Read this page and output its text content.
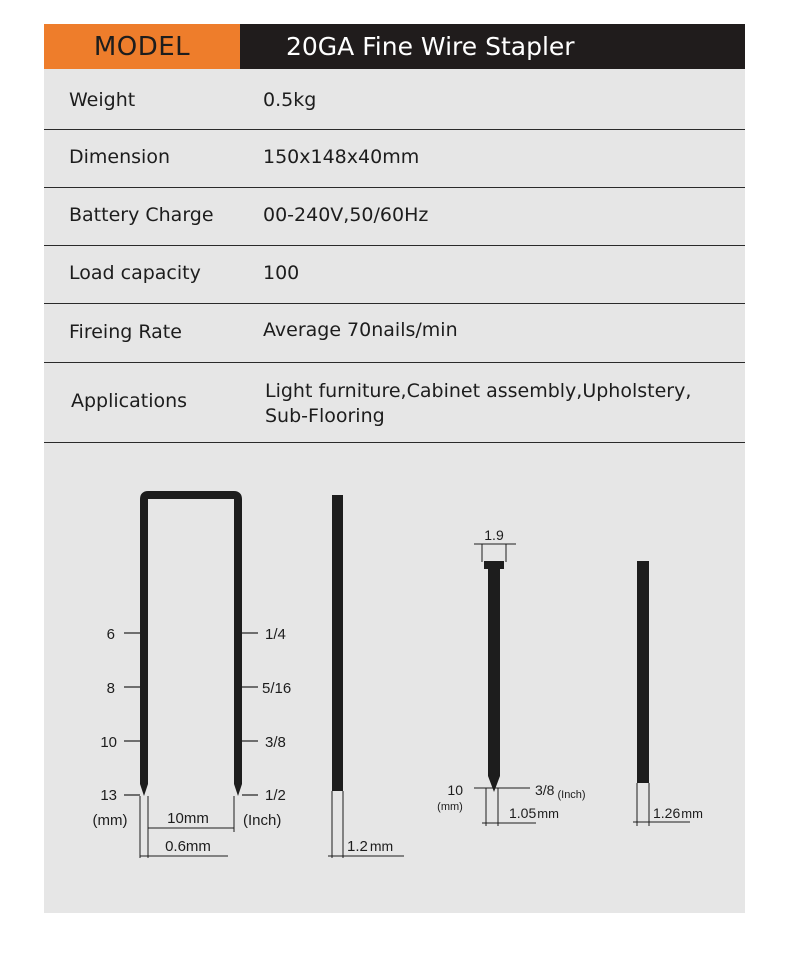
MODEL	20GA Fine Wire Stapler
Weight	0.5kg
Dimension	150x148x40mm
Battery Charge	00-240V,50/60Hz
Load capacity	100
Fireing Rate	Average 70nails/min
Applications	Light furniture,Cabinet assembly,Upholstery,
Sub-Flooring
6
8
10
13
(mm)
1/4
5/16
3/8
1/2
(Inch)
10mm
0.6mm	1.2 mm
1.9
10
(mm)
3/8 $_{(Inch)}$
1.05mm	1.26mm
